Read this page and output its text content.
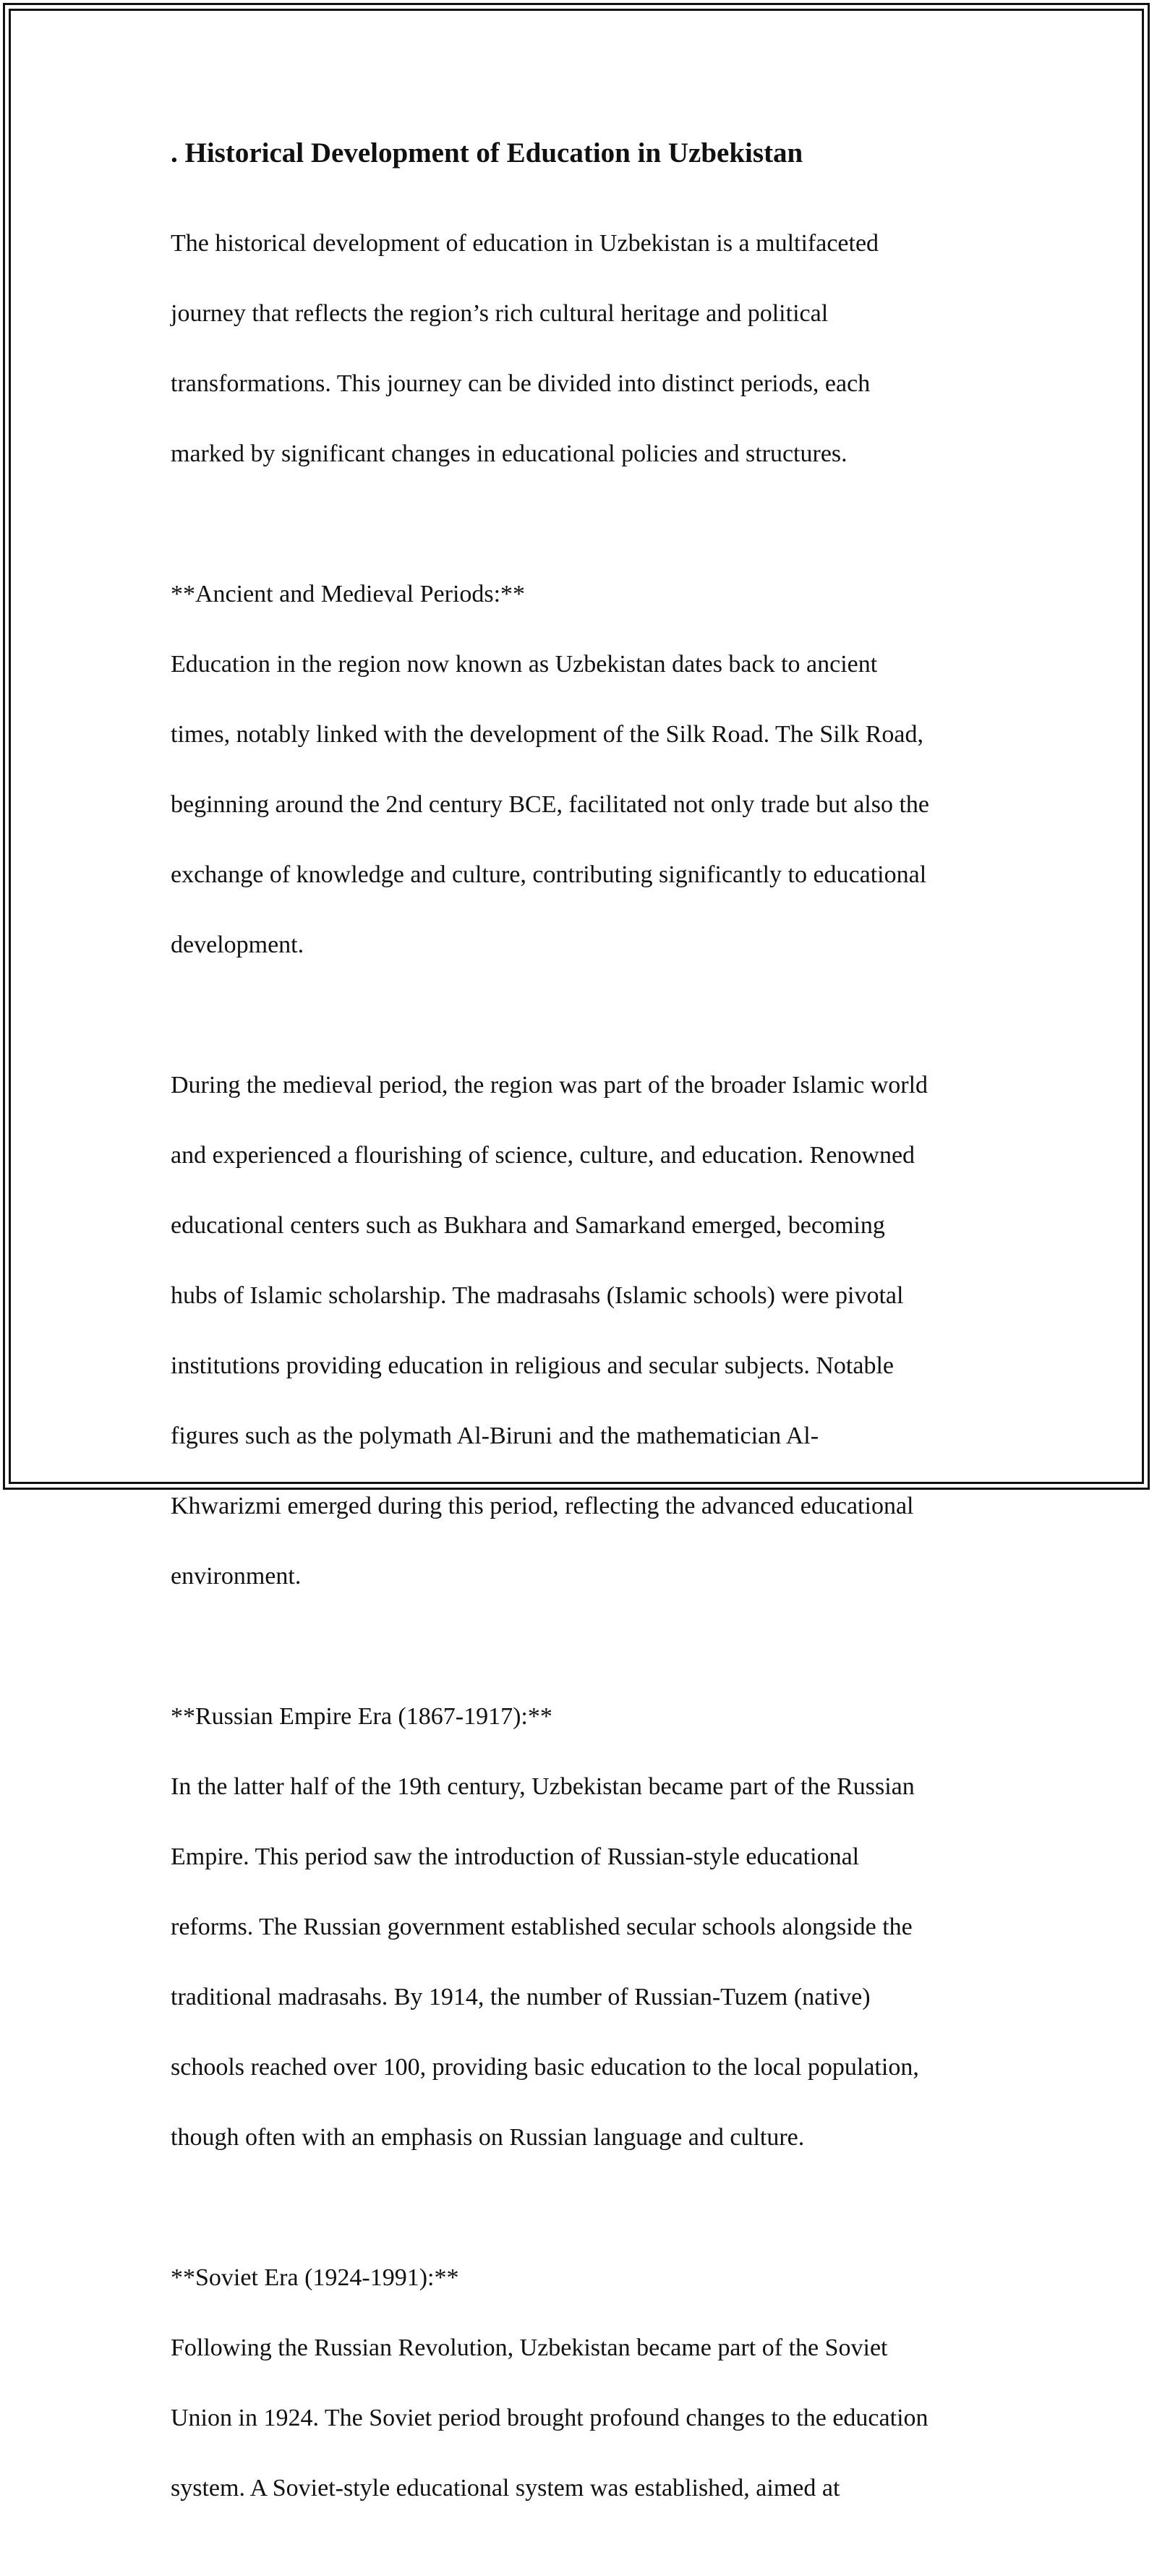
. Historical Development of Education in Uzbekistan

The historical development of education in Uzbekistan is a multifaceted

journey that reflects the region’s rich cultural heritage and political

transformations. This journey can be divided into distinct periods, each

marked by significant changes in educational policies and structures.

**Ancient and Medieval Periods:**

Education in the region now known as Uzbekistan dates back to ancient

times, notably linked with the development of the Silk Road. The Silk Road,

beginning around the 2nd century BCE, facilitated not only trade but also the

exchange of knowledge and culture, contributing significantly to educational

development.

During the medieval period, the region was part of the broader Islamic world

and experienced a flourishing of science, culture, and education. Renowned

educational centers such as Bukhara and Samarkand emerged, becoming

hubs of Islamic scholarship. The madrasahs (Islamic schools) were pivotal

institutions providing education in religious and secular subjects. Notable

figures such as the polymath Al-Biruni and the mathematician Al-

Khwarizmi emerged during this period, reflecting the advanced educational

environment.

**Russian Empire Era (1867-1917):**

In the latter half of the 19th century, Uzbekistan became part of the Russian

Empire. This period saw the introduction of Russian-style educational

reforms. The Russian government established secular schools alongside the

traditional madrasahs. By 1914, the number of Russian-Tuzem (native)

schools reached over 100, providing basic education to the local population,

though often with an emphasis on Russian language and culture.

**Soviet Era (1924-1991):**

Following the Russian Revolution, Uzbekistan became part of the Soviet

Union in 1924. The Soviet period brought profound changes to the education

system. A Soviet-style educational system was established, aimed at
